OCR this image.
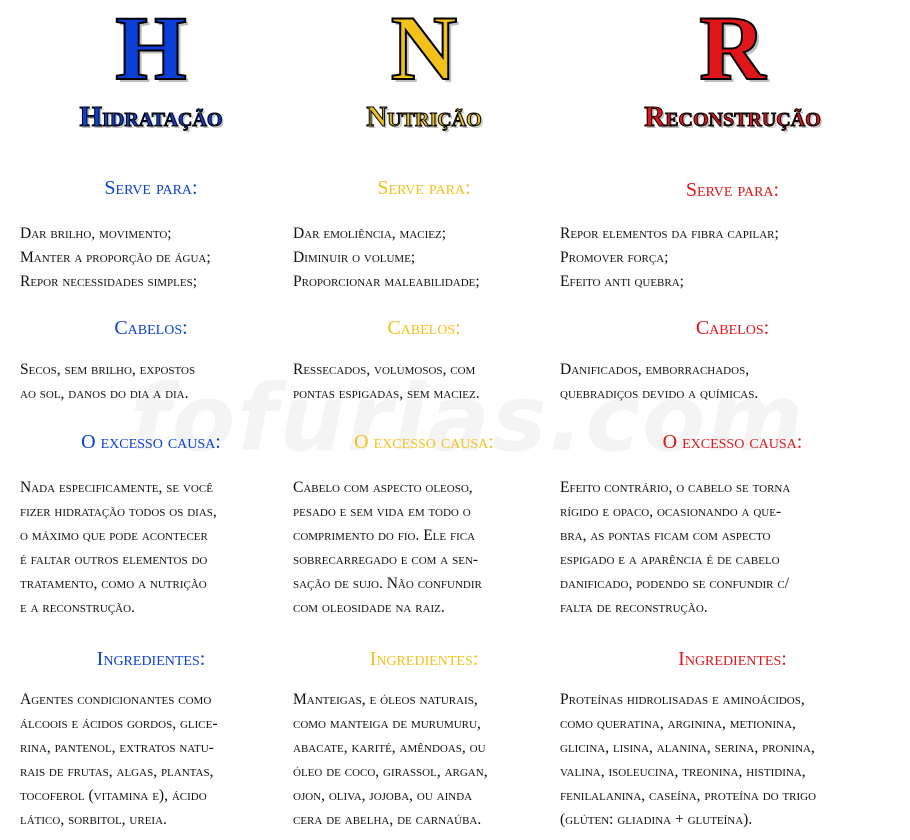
H
Hidratação
Serve para:
Dar brilho, movimento;
Manter a proporção de água;
Repor necessidades simples;
Cabelos:
Secos, sem brilho, expostos
ao sol, danos do dia a dia.
O excesso causa:
Nada especificamente, se você
fizer hidratação todos os dias,
o máximo que pode acontecer
é faltar outros elementos do
tratamento, como a nutrição
e a reconstrução.
Ingredientes:
Agentes condicionantes como
álcoois e ácidos gordos, glice-
rina, pantenol, extratos natu-
rais de frutas, algas, plantas,
tocoferol (vitamina e), ácido
lático, sorbitol, ureia.
N
Nutrição
Serve para:
Dar emoliência, maciez;
Diminuir o volume;
Proporcionar maleabilidade;
Cabelos:
Ressecados, volumosos, com
pontas espigadas, sem maciez.
O excesso causa:
Cabelo com aspecto oleoso,
pesado e sem vida em todo o
comprimento do fio. Ele fica
sobrecarregado e com a sen-
sação de sujo. Não confundir
com oleosidade na raiz.
Ingredientes:
Manteigas, e óleos naturais,
como manteiga de murumuru,
abacate, karité, amêndoas, ou
óleo de coco, girassol, argan,
ojon, oliva, jojoba, ou ainda
cera de abelha, de carnaúba.
R
Reconstrução
Serve para:
Repor elementos da fibra capilar;
Promover força;
Efeito anti quebra;
Cabelos:
Danificados, emborrachados,
quebradiços devido a químicas.
O excesso causa:
Efeito contrário, o cabelo se torna
rígido e opaco, ocasionando a que-
bra, as pontas ficam com aspecto
espigado e a aparência é de cabelo
danificado, podendo se confundir c/
falta de reconstrução.
Ingredientes:
Proteínas hidrolisadas e aminoácidos,
como queratina, arginina, metionina,
glicina, lisina, alanina, serina, pronina,
valina, isoleucina, treonina, histidina,
fenilalanina, caseína, proteína do trigo
(glúten: gliadina + gluteína).
